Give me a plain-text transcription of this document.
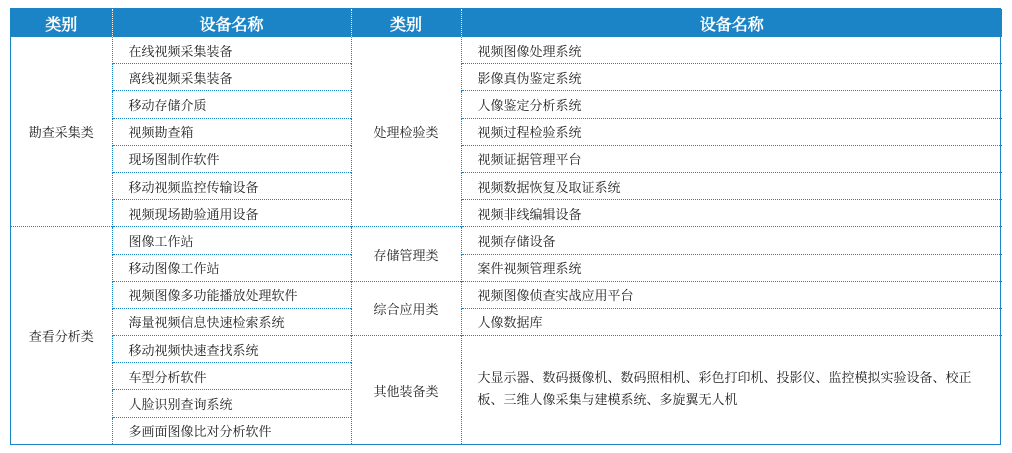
类别	设备名称	类别	设备名称
勘查采集类	在线视频采集装备	处理检验类	视频图像处理系统
	离线视频采集装备		影像真伪鉴定系统
	移动存储介质		人像鉴定分析系统
	视频勘查箱		视频过程检验系统
	现场图制作软件		视频证据管理平台
	移动视频监控传输设备		视频数据恢复及取证系统
	视频现场勘验通用设备		视频非线编辑设备
查看分析类	图像工作站	存储管理类	视频存储设备
	移动图像工作站		案件视频管理系统
	视频图像多功能播放处理软件	综合应用类	视频图像侦查实战应用平台
	海量视频信息快速检索系统		人像数据库
	移动视频快速查找系统	其他装备类	大显示器、数码摄像机、数码照相机、彩色打印机、投影仪、监控模拟实验设备、校正板、三维人像采集与建模系统、多旋翼无人机
	车型分析软件		
	人脸识别查询系统		
	多画面图像比对分析软件		
